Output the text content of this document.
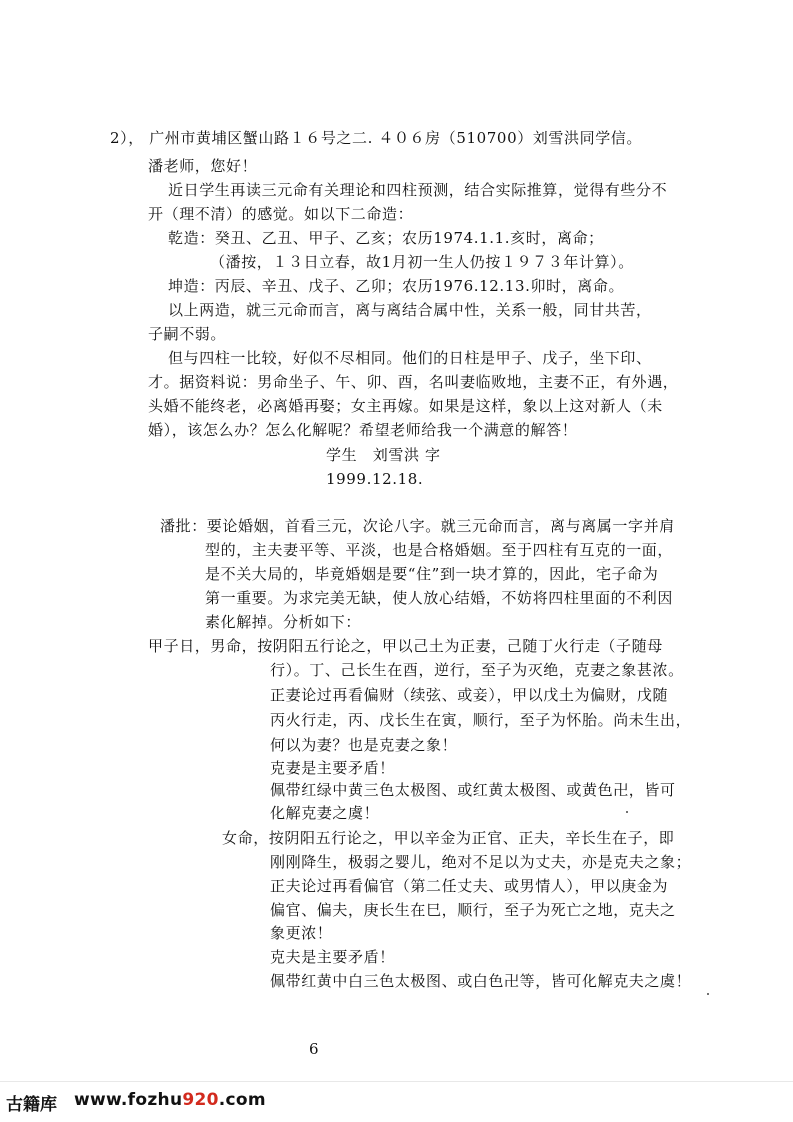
2）， 广州市黄埔区蟹山路１６号之二. ４０６房（510700）刘雪洪同学信。
潘老师，您好！
近日学生再读三元命有关理论和四柱预测，结合实际推算，觉得有些分不
开（理不清）的感觉。如以下二命造：
乾造：癸丑、乙丑、甲子、乙亥；农历1974.1.1.亥时，离命；
（潘按，１３日立春，故1月初一生人仍按１９７３年计算）。
坤造：丙辰、辛丑、戊子、乙卯；农历1976.12.13.卯时，离命。
以上两造，就三元命而言，离与离结合属中性，关系一般，同甘共苦，
子嗣不弱。
但与四柱一比较，好似不尽相同。他们的日柱是甲子、戊子，坐下印、
才。据资料说：男命坐子、午、卯、酉，名叫妻临败地，主妻不正，有外遇，
头婚不能终老，必离婚再娶；女主再嫁。如果是这样，象以上这对新人（未
婚），该怎么办？怎么化解呢？希望老师给我一个满意的解答！
学生　刘雪洪 字
1999.12.18.
潘批：要论婚姻，首看三元，次论八字。就三元命而言，离与离属一字并肩
型的，主夫妻平等、平淡，也是合格婚姻。至于四柱有互克的一面，
是不关大局的，毕竟婚姻是要“住”到一块才算的，因此，宅子命为
第一重要。为求完美无缺，使人放心结婚，不妨将四柱里面的不利因
素化解掉。分析如下：
甲子日，男命，按阴阳五行论之，甲以己土为正妻，己随丁火行走（子随母
行）。丁、己长生在酉，逆行，至子为灭绝，克妻之象甚浓。
正妻论过再看偏财（续弦、或妾），甲以戊土为偏财，戊随
丙火行走，丙、戊长生在寅，顺行，至子为怀胎。尚未生出，
何以为妻？也是克妻之象！
克妻是主要矛盾！
佩带红绿中黄三色太极图、或红黄太极图、或黄色卍，皆可
化解克妻之虞！
女命，按阴阳五行论之，甲以辛金为正官、正夫，辛长生在子，即
刚刚降生，极弱之婴儿，绝对不足以为丈夫，亦是克夫之象；
正夫论过再看偏官（第二任丈夫、或男情人），甲以庚金为
偏官、偏夫，庚长生在巳，顺行，至子为死亡之地，克夫之
象更浓！
克夫是主要矛盾！
佩带红黄中白三色太极图、或白色卍等，皆可化解克夫之虞！
6
古籍库 www.fozhu920.com
